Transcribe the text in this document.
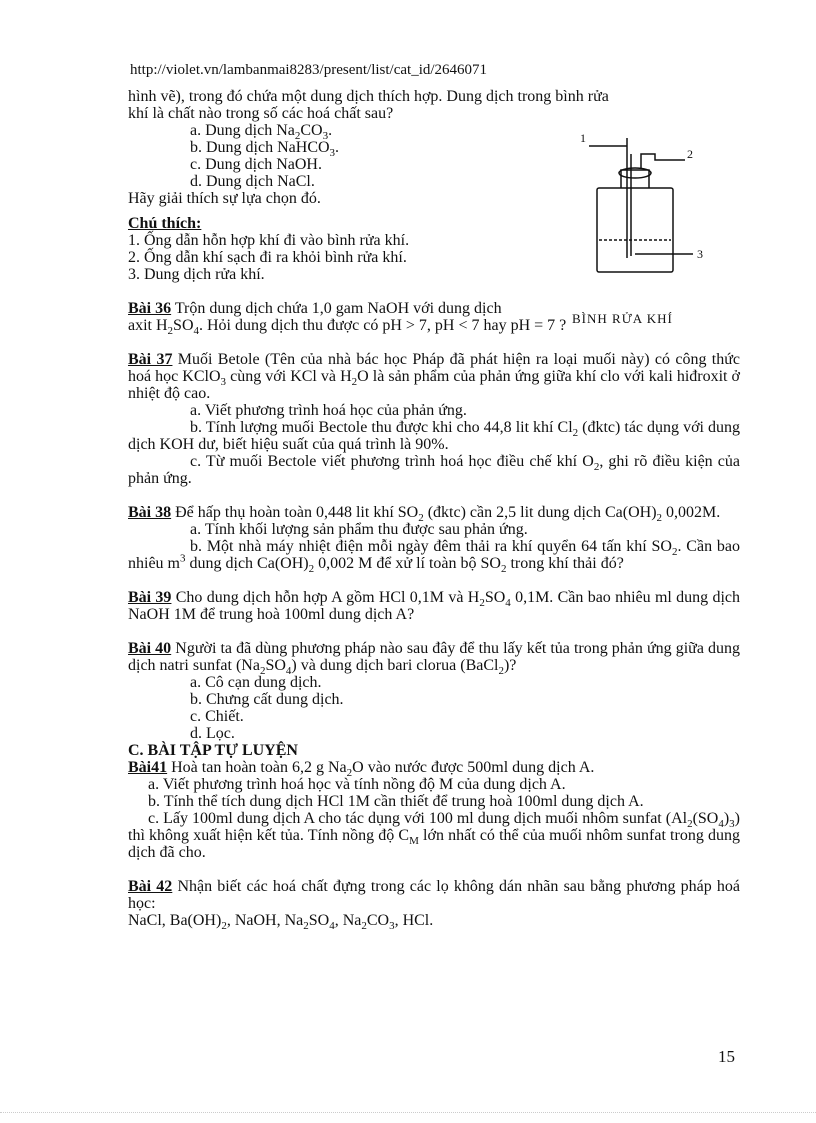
http://violet.vn/lambanmai8283/present/list/cat_id/2646071
1
2
3

hình vẽ), trong đó chứa một dung dịch thích hợp. Dung dịch trong bình rửa

khí là chất nào trong số các hoá chất sau?

a. Dung dịch $Na_2CO_3$.

b. Dung dịch NaHCO$_3$.

c. Dung dịch NaOH.

d. Dung dịch NaCl.

Hãy giải thích sự lựa chọn đó.

Chú thích:

1. Ống dẫn hỗn hợp khí đi vào bình rửa khí.

2. Ống dẫn khí sạch đi ra khỏi bình rửa khí.

3. Dung dịch rửa khí.

Bài 36 Trộn dung dịch chứa 1,0 gam NaOH với dung dịch

axit $H_2SO_4$. Hỏi dung dịch thu được có pH > 7, pH < 7 hay pH = 7 ?

Bài 37 Muối Betole (Tên của nhà bác học Pháp đã phát hiện ra loại muối này) có công thức hoá học KClO$_3$ cùng với KCl và $H_2O$ là sản phẩm của phản ứng giữa khí clo với kali hiđroxit ở nhiệt độ cao.

a. Viết phương trình hoá học của phản ứng.

b. Tính lượng muối Bectole thu được khi cho 44,8 lit khí $Cl_2$ (đktc) tác dụng với dung dịch KOH dư, biết hiệu suất của quá trình là 90%.

c. Từ muối Bectole viết phương trình hoá học điều chế khí $O_2$, ghi rõ điều kiện của phản ứng.

Bài 38 Để hấp thụ hoàn toàn 0,448 lit khí $SO_2$ (đktc) cần 2,5 lit dung dịch $Ca(OH)_2$ 0,002M.

a. Tính khối lượng sản phẩm thu được sau phản ứng.

b. Một nhà máy nhiệt điện mỗi ngày đêm thải ra khí quyển 64 tấn khí $SO_2$. Cần bao nhiêu $m^3$ dung dịch $Ca(OH)_2$ 0,002 M để xử lí toàn bộ $SO_2$ trong khí thải đó?

Bài 39 Cho dung dịch hỗn hợp A gồm HCl 0,1M và $H_2SO_4$ 0,1M. Cần bao nhiêu ml dung dịch NaOH 1M để trung hoà 100ml dung dịch A?

Bài 40 Người ta đã dùng phương pháp nào sau đây để thu lấy kết tủa trong phản ứng giữa dung dịch natri sunfat $(Na_2SO_4)$ và dung dịch bari clorua (BaCl$_2$)?

a. Cô cạn dung dịch.

b. Chưng cất dung dịch.

c. Chiết.

d. Lọc.

C. BÀI TẬP TỰ LUYỆN

Bài41 Hoà tan hoàn toàn 6,2 g $Na_2O$ vào nước được 500ml dung dịch A.

a. Viết phương trình hoá học và tính nồng độ M của dung dịch A.

b. Tính thể tích dung dịch HCl 1M cần thiết để trung hoà 100ml dung dịch A.

c. Lấy 100ml dung dịch A cho tác dụng với 100 ml dung dịch muối nhôm sunfat $(Al_2(SO_4)_3)$ thì không xuất hiện kết tủa. Tính nồng độ $C_M$ lớn nhất có thể của muối nhôm sunfat trong dung dịch đã cho.

Bài 42 Nhận biết các hoá chất đựng trong các lọ không dán nhãn sau bằng phương pháp hoá học:

NaCl, $Ba(OH)_2$, NaOH, $Na_2SO_4$, $Na_2CO_3$, HCl.

BÌNH RỬA KHÍ
15
